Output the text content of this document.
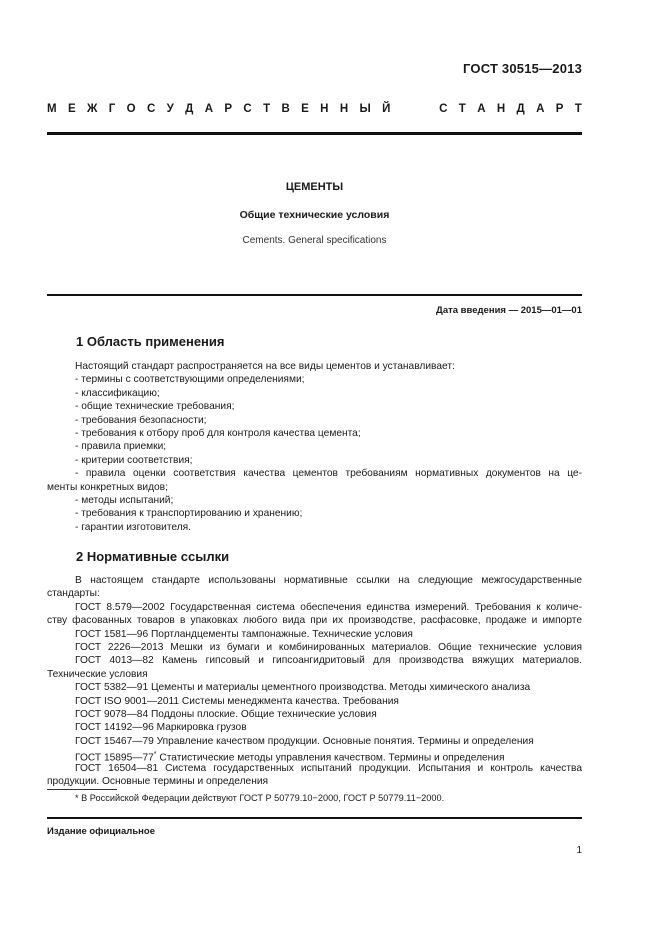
ГОСТ 30515—2013
М Е Ж Г О С У Д А Р С Т В Е Н Н Ы Й	С Т А Н Д А Р Т
ЦЕМЕНТЫ
Общие технические условия
Cements. General specifications
Дата введения — 2015—01—01
1 Область применения
Настоящий стандарт распространяется на все виды цементов и устанавливает:
- термины с соответствующими определениями;
- классификацию;
- общие технические требования;
- требования безопасности;
- требования к отбору проб для контроля качества цемента;
- правила приемки;
- критерии соответствия;
- правила оценки соответствия качества цементов требованиям нормативных документов на це-
менты конкретных видов;
- методы испытаний;
- требования к транспортированию и хранению;
- гарантии изготовителя.
2 Нормативные ссылки
В настоящем стандарте использованы нормативные ссылки на следующие межгосударственные
стандарты:
ГОСТ 8.579—2002 Государственная система обеспечения единства измерений. Требования к количе-
ству фасованных товаров в упаковках любого вида при их производстве, расфасовке, продаже и импорте
ГОСТ 1581—96 Портландцементы тампонажные. Технические условия
ГОСТ 2226—2013 Мешки из бумаги и комбинированных материалов. Общие технические условия
ГОСТ 4013—82 Камень гипсовый и гипсоангидритовый для производства вяжущих материалов.
Технические условия
ГОСТ 5382—91 Цементы и материалы цементного производства. Методы химического анализа
ГОСТ ISO 9001—2011 Системы менеджмента качества. Требования
ГОСТ 9078—84 Поддоны плоские. Общие технические условия
ГОСТ 14192—96 Маркировка грузов
ГОСТ 15467—79 Управление качеством продукции. Основные понятия. Термины и определения
ГОСТ 15895—77* Статистические методы управления качеством. Термины и определения
ГОСТ 16504—81 Система государственных испытаний продукции. Испытания и контроль качества
продукции. Основные термины и определения
* В Российской Федерации действуют ГОСТ Р 50779.10−2000, ГОСТ Р 50779.11−2000.
Издание официальное
1
